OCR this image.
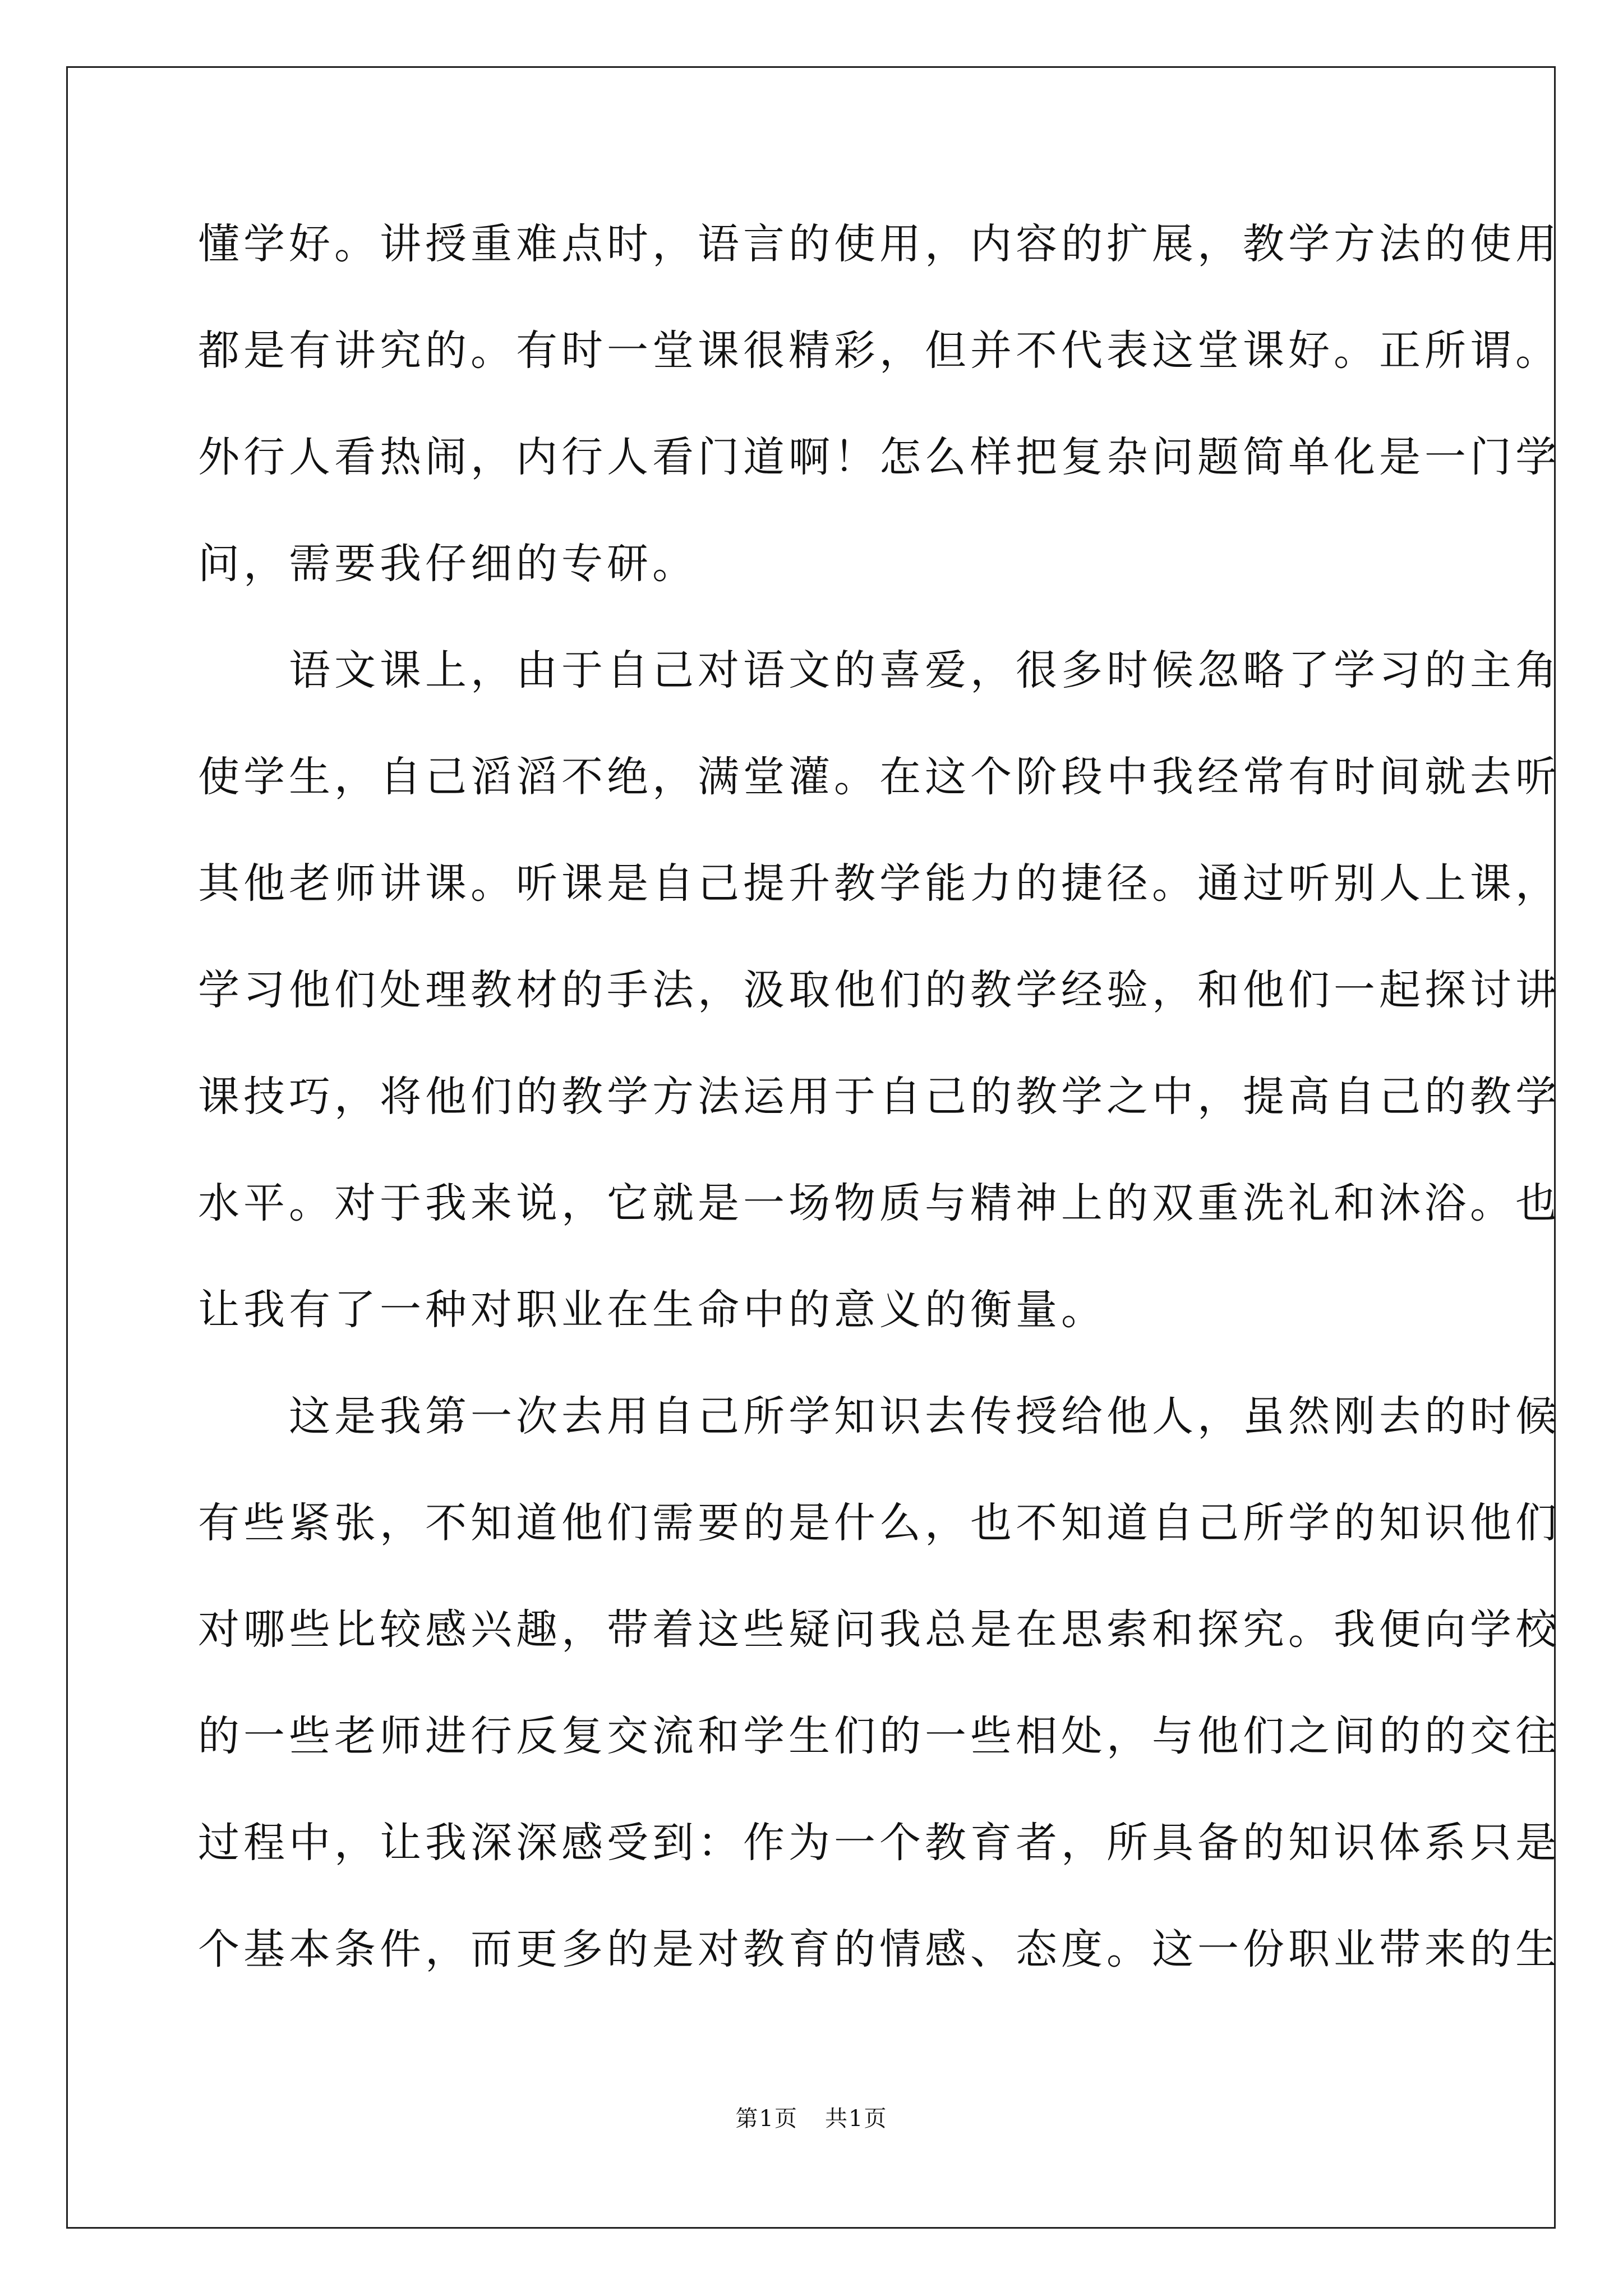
懂学好。讲授重难点时，语言的使用，内容的扩展，教学方法的使用
都是有讲究的。有时一堂课很精彩，但并不代表这堂课好。正所谓。
外行人看热闹，内行人看门道啊！怎么样把复杂问题简单化是一门学
问，需要我仔细的专研。
　　语文课上，由于自己对语文的喜爱，很多时候忽略了学习的主角
使学生，自己滔滔不绝，满堂灌。在这个阶段中我经常有时间就去听
其他老师讲课。听课是自己提升教学能力的捷径。通过听别人上课，
学习他们处理教材的手法，汲取他们的教学经验，和他们一起探讨讲
课技巧，将他们的教学方法运用于自己的教学之中，提高自己的教学
水平。对于我来说，它就是一场物质与精神上的双重洗礼和沐浴。也
让我有了一种对职业在生命中的意义的衡量。
　　这是我第一次去用自己所学知识去传授给他人，虽然刚去的时候
有些紧张，不知道他们需要的是什么，也不知道自己所学的知识他们
对哪些比较感兴趣，带着这些疑问我总是在思索和探究。我便向学校
的一些老师进行反复交流和学生们的一些相处，与他们之间的的交往
过程中，让我深深感受到：作为一个教育者，所具备的知识体系只是
个基本条件，而更多的是对教育的情感、态度。这一份职业带来的生
第1页 共1页
